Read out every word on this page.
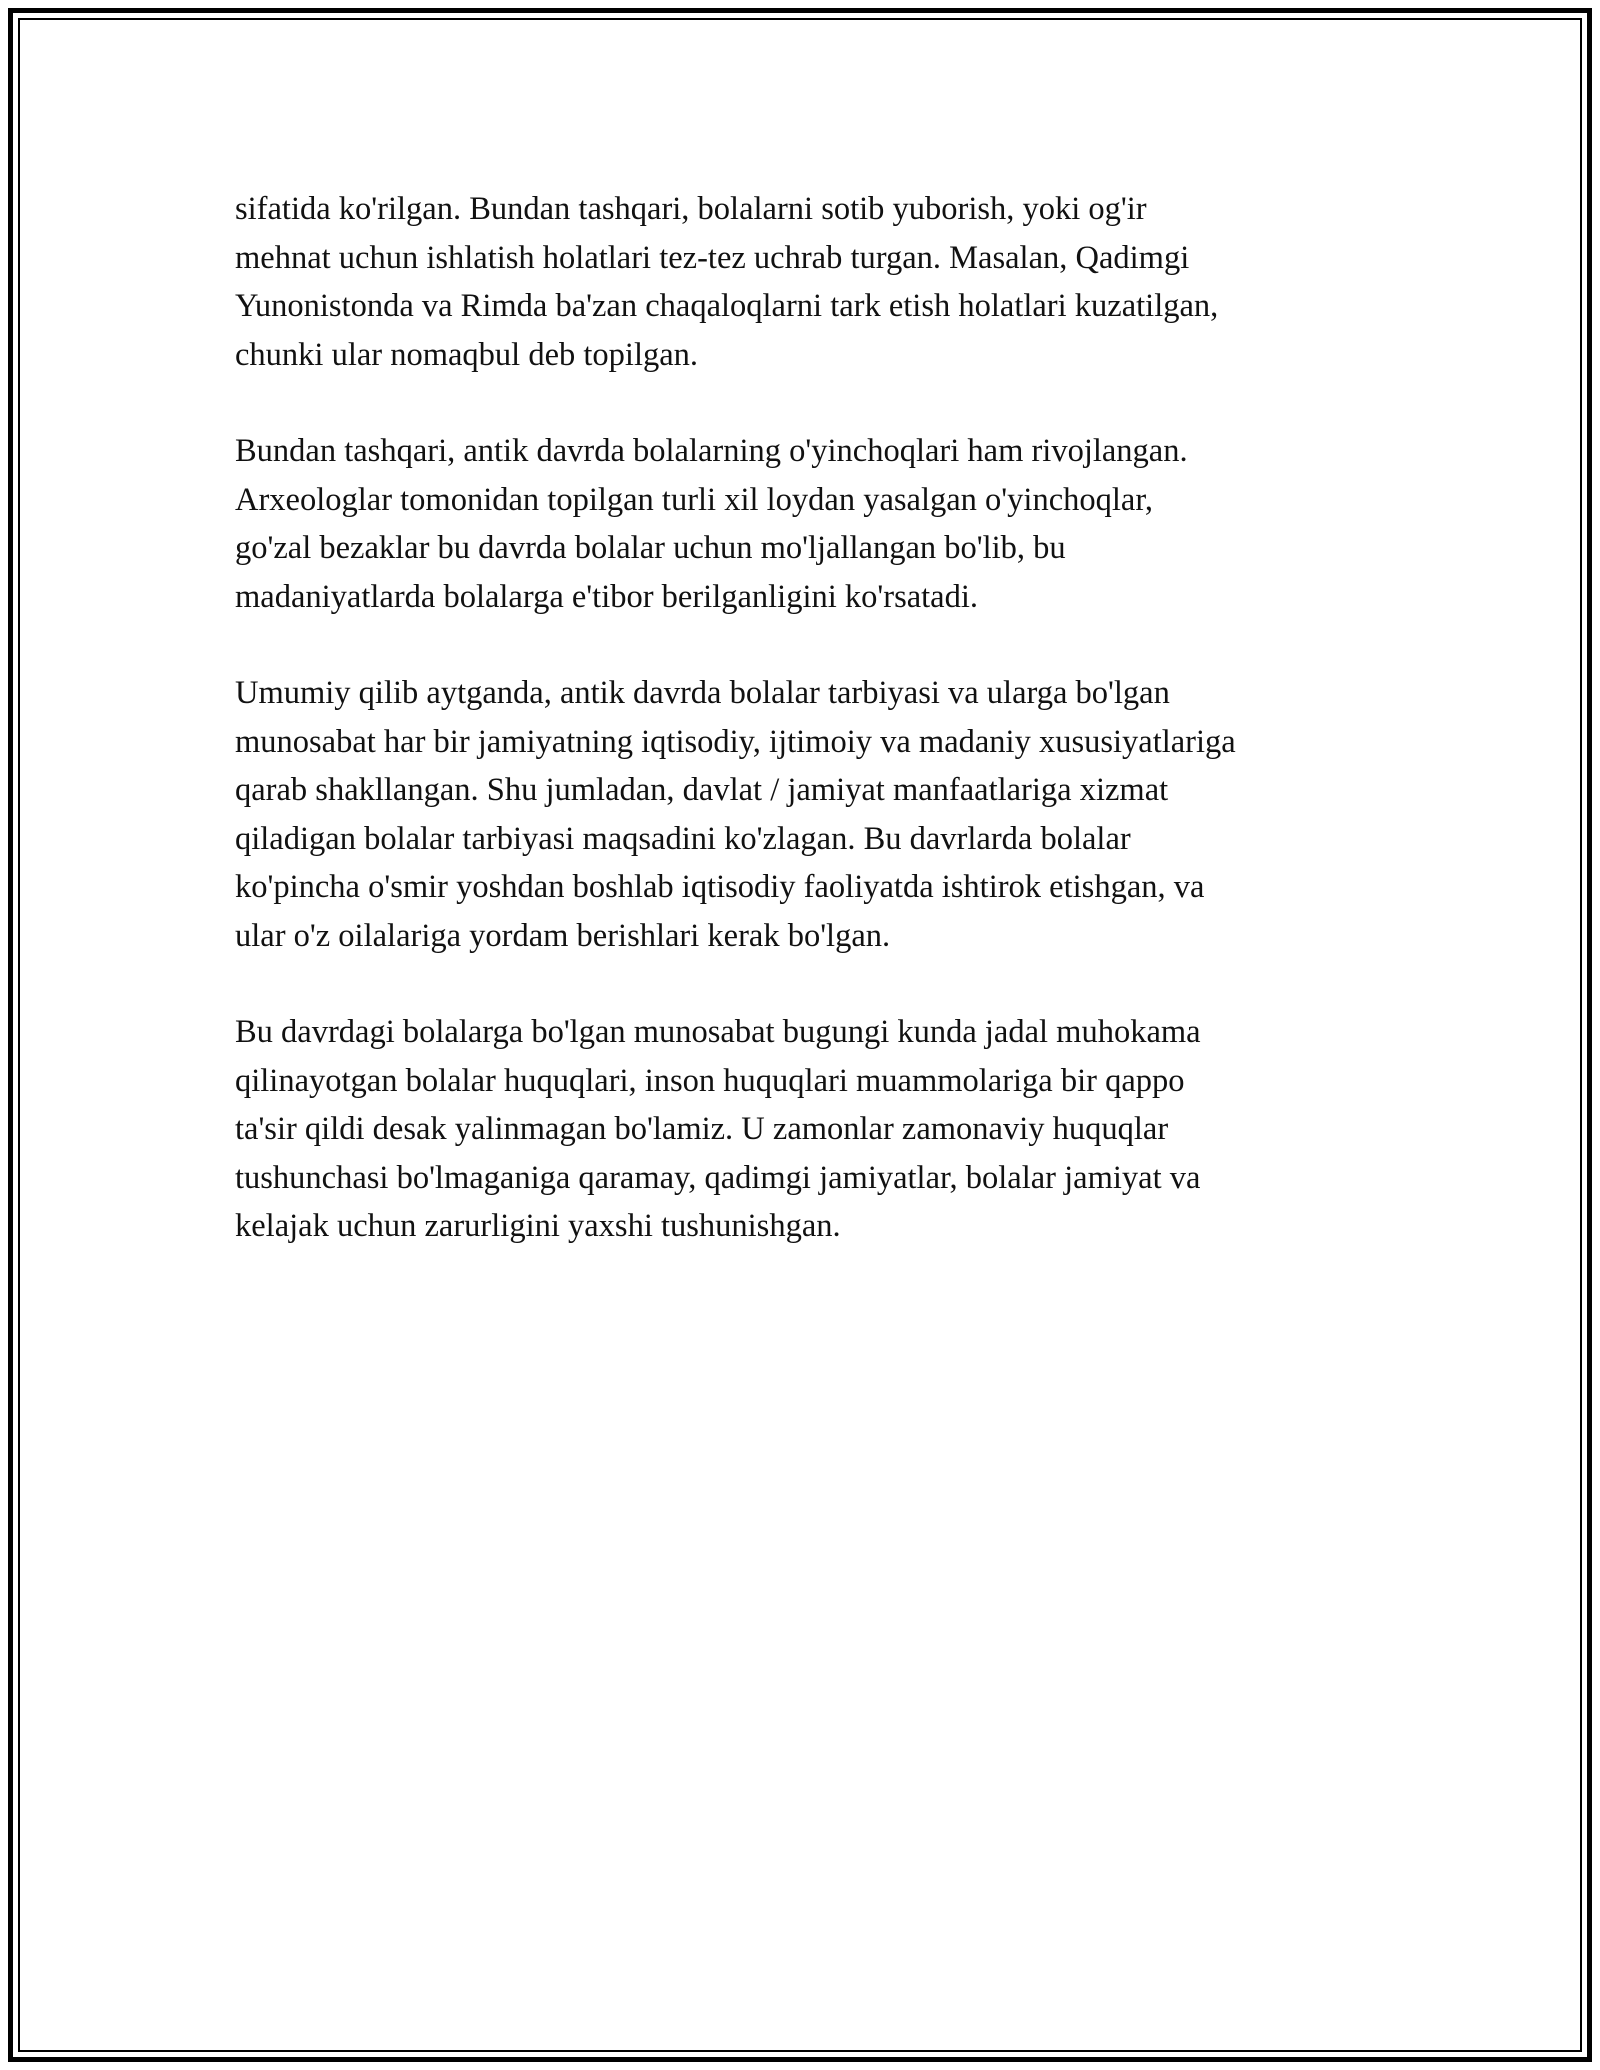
sifatida ko'rilgan. Bundan tashqari, bolalarni sotib yuborish, yoki og'ir
mehnat uchun ishlatish holatlari tez-tez uchrab turgan. Masalan, Qadimgi
Yunonistonda va Rimda ba'zan chaqaloqlarni tark etish holatlari kuzatilgan,
chunki ular nomaqbul deb topilgan.

Bundan tashqari, antik davrda bolalarning o'yinchoqlari ham rivojlangan.
Arxeologlar tomonidan topilgan turli xil loydan yasalgan o'yinchoqlar,
go'zal bezaklar bu davrda bolalar uchun mo'ljallangan bo'lib, bu
madaniyatlarda bolalarga e'tibor berilganligini ko'rsatadi.

Umumiy qilib aytganda, antik davrda bolalar tarbiyasi va ularga bo'lgan
munosabat har bir jamiyatning iqtisodiy, ijtimoiy va madaniy xususiyatlariga
qarab shakllangan. Shu jumladan, davlat / jamiyat manfaatlariga xizmat
qiladigan bolalar tarbiyasi maqsadini ko'zlagan. Bu davrlarda bolalar
ko'pincha o'smir yoshdan boshlab iqtisodiy faoliyatda ishtirok etishgan, va
ular o'z oilalariga yordam berishlari kerak bo'lgan.

Bu davrdagi bolalarga bo'lgan munosabat bugungi kunda jadal muhokama
qilinayotgan bolalar huquqlari, inson huquqlari muammolariga bir qappo
ta'sir qildi desak yalinmagan bo'lamiz. U zamonlar zamonaviy huquqlar
tushunchasi bo'lmaganiga qaramay, qadimgi jamiyatlar, bolalar jamiyat va
kelajak uchun zarurligini yaxshi tushunishgan.
